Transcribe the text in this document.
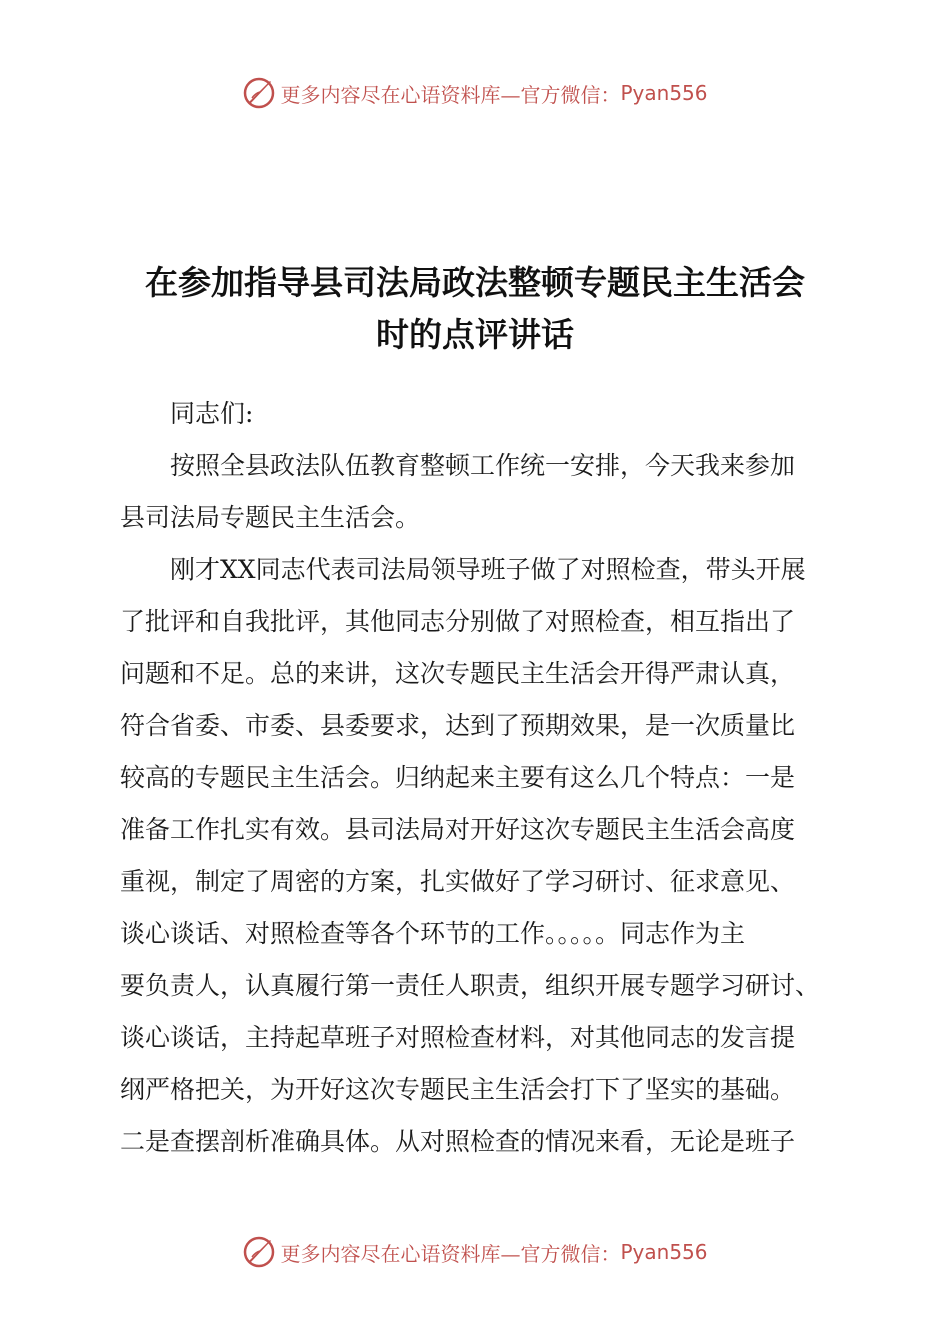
更多内容尽在心语资料库—官方微信： Pyan556
在参加指导县司法局政法整顿专题民主生活会
时的点评讲话
　　同志们:
　　按照全县政法队伍教育整顿工作统一安排，今天我来参加
县司法局专题民主生活会。
　　刚才XX同志代表司法局领导班子做了对照检查，带头开展
了批评和自我批评，其他同志分别做了对照检查，相互指出了
问题和不足。总的来讲，这次专题民主生活会开得严肃认真，
符合省委、市委、县委要求，达到了预期效果，是一次质量比
较高的专题民主生活会。归纳起来主要有这么几个特点：一是
准备工作扎实有效。县司法局对开好这次专题民主生活会高度
重视，制定了周密的方案，扎实做好了学习研讨、征求意见、
谈心谈话、对照检查等各个环节的工作。。。。。同志作为主
要负责人，认真履行第一责任人职责，组织开展专题学习研讨、
谈心谈话，主持起草班子对照检查材料，对其他同志的发言提
纲严格把关，为开好这次专题民主生活会打下了坚实的基础。
二是查摆剖析准确具体。从对照检查的情况来看，无论是班子
更多内容尽在心语资料库—官方微信： Pyan556
